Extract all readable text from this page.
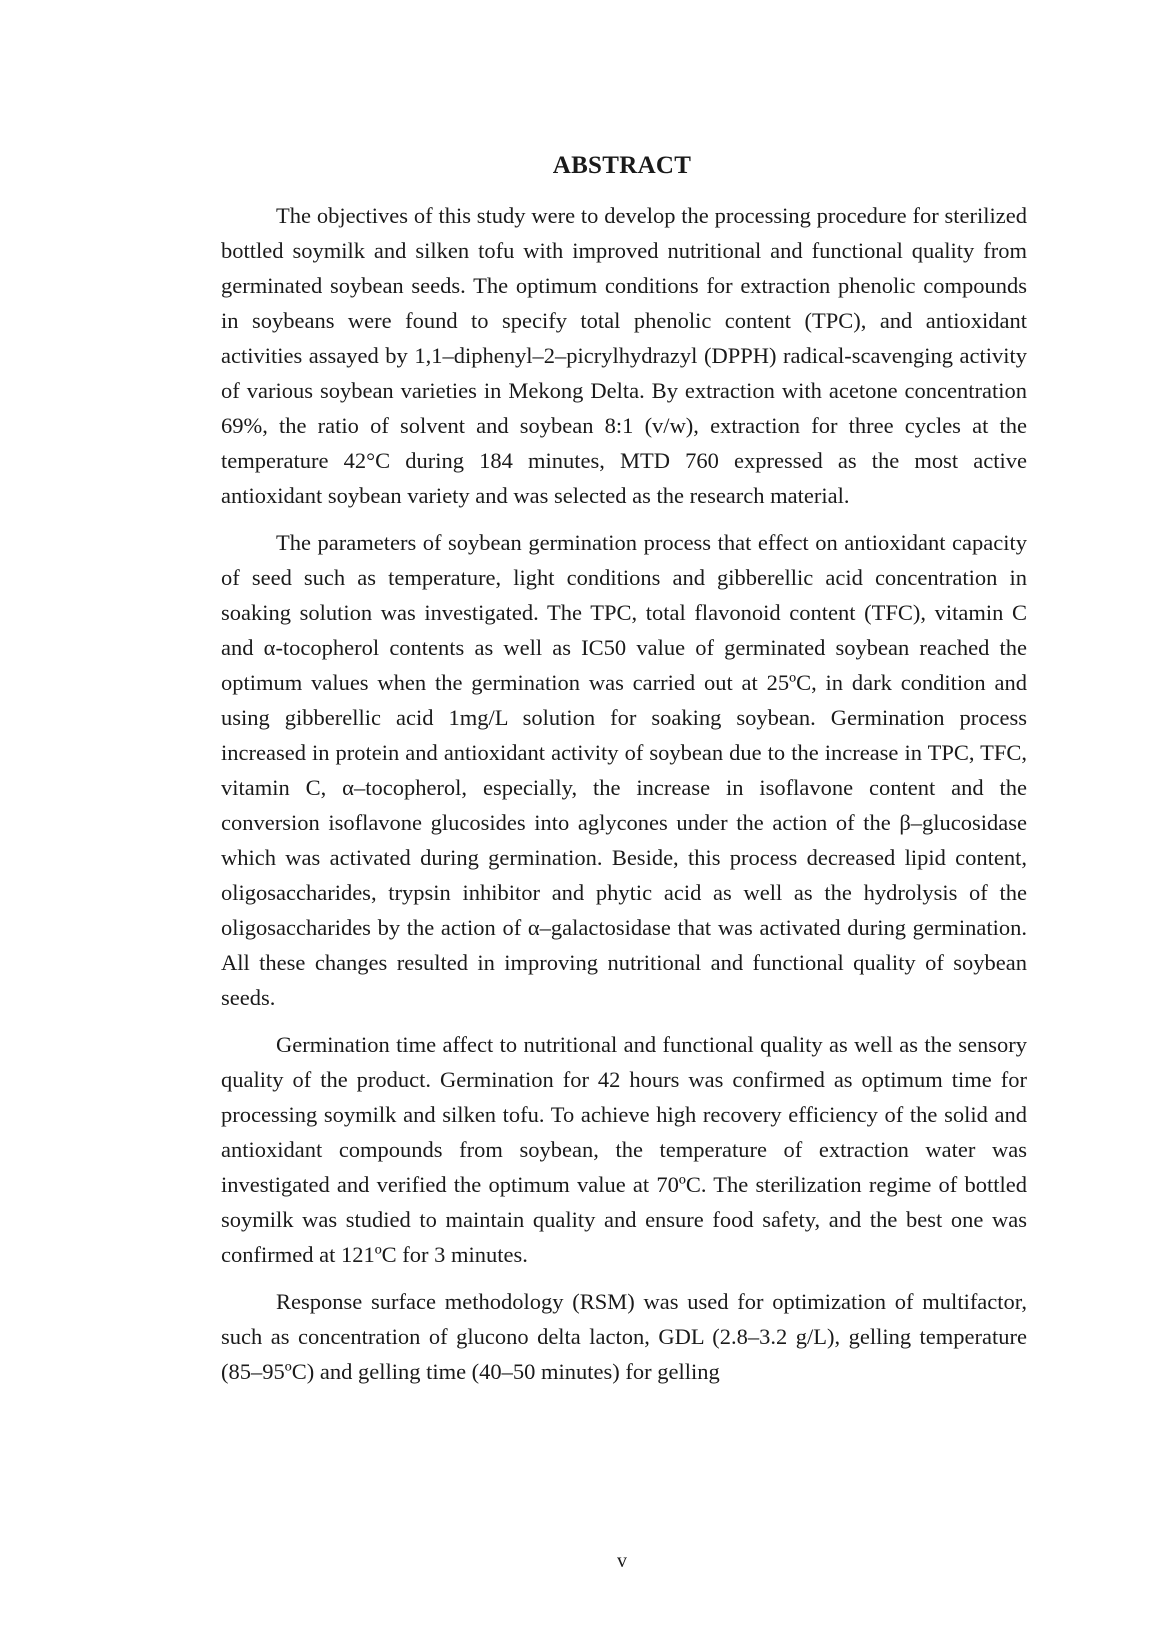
ABSTRACT

The objectives of this study were to develop the processing procedure for sterilized bottled soymilk and silken tofu with improved nutritional and functional quality from germinated soybean seeds. The optimum conditions for extraction phenolic compounds in soybeans were found to specify total phenolic content (TPC), and antioxidant activities assayed by 1,1–diphenyl–2–picrylhydrazyl (DPPH) radical-scavenging activity of various soybean varieties in Mekong Delta. By extraction with acetone concentration 69%, the ratio of solvent and soybean 8:1 (v/w), extraction for three cycles at the temperature 42°C during 184 minutes, MTD 760 expressed as the most active antioxidant soybean variety and was selected as the research material.

The parameters of soybean germination process that effect on antioxidant capacity of seed such as temperature, light conditions and gibberellic acid concentration in soaking solution was investigated. The TPC, total flavonoid content (TFC), vitamin C and α-tocopherol contents as well as IC50 value of germinated soybean reached the optimum values when the germination was carried out at 25ºC, in dark condition and using gibberellic acid 1mg/L solution for soaking soybean. Germination process increased in protein and antioxidant activity of soybean due to the increase in TPC, TFC, vitamin C, α–tocopherol, especially, the increase in isoflavone content and the conversion isoflavone glucosides into aglycones under the action of the β–glucosidase which was activated during germination. Beside, this process decreased lipid content, oligosaccharides, trypsin inhibitor and phytic acid as well as the hydrolysis of the oligosaccharides by the action of α–galactosidase that was activated during germination. All these changes resulted in improving nutritional and functional quality of soybean seeds.

Germination time affect to nutritional and functional quality as well as the sensory quality of the product. Germination for 42 hours was confirmed as optimum time for processing soymilk and silken tofu. To achieve high recovery efficiency of the solid and antioxidant compounds from soybean, the temperature of extraction water was investigated and verified the optimum value at 70ºC. The sterilization regime of bottled soymilk was studied to maintain quality and ensure food safety, and the best one was confirmed at 121ºC for 3 minutes.

Response surface methodology (RSM) was used for optimization of multifactor, such as concentration of glucono delta lacton, GDL (2.8–3.2 g/L), gelling temperature (85–95ºC) and gelling time (40–50 minutes) for gelling

v
